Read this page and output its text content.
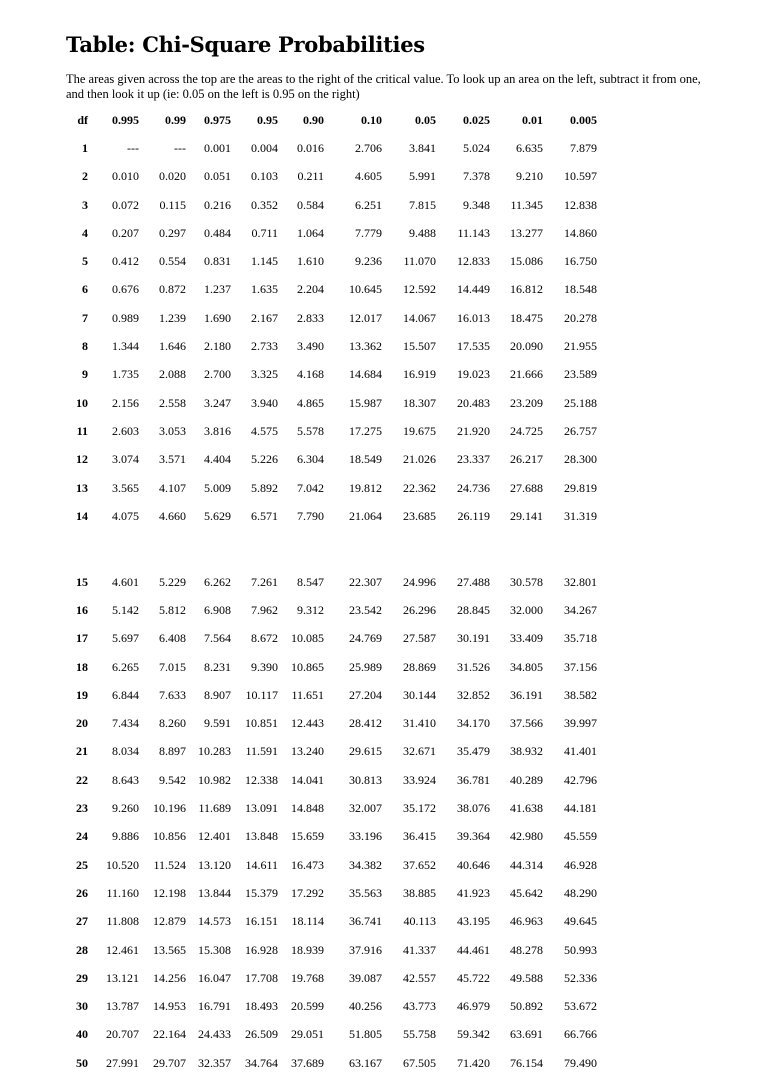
Table: Chi-Square Probabilities
The areas given across the top are the areas to the right of the critical value. To look up an area on the left, subtract it from one, and then look it up (ie: 0.05 on the left is 0.95 on the right)
df	0.995	0.99	0.975	0.95	0.90	0.10	0.05	0.025	0.01	0.005
1	---	---	0.001	0.004	0.016	2.706	3.841	5.024	6.635	7.879
2	0.010	0.020	0.051	0.103	0.211	4.605	5.991	7.378	9.210	10.597
3	0.072	0.115	0.216	0.352	0.584	6.251	7.815	9.348	11.345	12.838
4	0.207	0.297	0.484	0.711	1.064	7.779	9.488	11.143	13.277	14.860
5	0.412	0.554	0.831	1.145	1.610	9.236	11.070	12.833	15.086	16.750
6	0.676	0.872	1.237	1.635	2.204	10.645	12.592	14.449	16.812	18.548
7	0.989	1.239	1.690	2.167	2.833	12.017	14.067	16.013	18.475	20.278
8	1.344	1.646	2.180	2.733	3.490	13.362	15.507	17.535	20.090	21.955
9	1.735	2.088	2.700	3.325	4.168	14.684	16.919	19.023	21.666	23.589
10	2.156	2.558	3.247	3.940	4.865	15.987	18.307	20.483	23.209	25.188
11	2.603	3.053	3.816	4.575	5.578	17.275	19.675	21.920	24.725	26.757
12	3.074	3.571	4.404	5.226	6.304	18.549	21.026	23.337	26.217	28.300
13	3.565	4.107	5.009	5.892	7.042	19.812	22.362	24.736	27.688	29.819
14	4.075	4.660	5.629	6.571	7.790	21.064	23.685	26.119	29.141	31.319
15	4.601	5.229	6.262	7.261	8.547	22.307	24.996	27.488	30.578	32.801
16	5.142	5.812	6.908	7.962	9.312	23.542	26.296	28.845	32.000	34.267
17	5.697	6.408	7.564	8.672	10.085	24.769	27.587	30.191	33.409	35.718
18	6.265	7.015	8.231	9.390	10.865	25.989	28.869	31.526	34.805	37.156
19	6.844	7.633	8.907	10.117	11.651	27.204	30.144	32.852	36.191	38.582
20	7.434	8.260	9.591	10.851	12.443	28.412	31.410	34.170	37.566	39.997
21	8.034	8.897	10.283	11.591	13.240	29.615	32.671	35.479	38.932	41.401
22	8.643	9.542	10.982	12.338	14.041	30.813	33.924	36.781	40.289	42.796
23	9.260	10.196	11.689	13.091	14.848	32.007	35.172	38.076	41.638	44.181
24	9.886	10.856	12.401	13.848	15.659	33.196	36.415	39.364	42.980	45.559
25	10.520	11.524	13.120	14.611	16.473	34.382	37.652	40.646	44.314	46.928
26	11.160	12.198	13.844	15.379	17.292	35.563	38.885	41.923	45.642	48.290
27	11.808	12.879	14.573	16.151	18.114	36.741	40.113	43.195	46.963	49.645
28	12.461	13.565	15.308	16.928	18.939	37.916	41.337	44.461	48.278	50.993
29	13.121	14.256	16.047	17.708	19.768	39.087	42.557	45.722	49.588	52.336
30	13.787	14.953	16.791	18.493	20.599	40.256	43.773	46.979	50.892	53.672
40	20.707	22.164	24.433	26.509	29.051	51.805	55.758	59.342	63.691	66.766
50	27.991	29.707	32.357	34.764	37.689	63.167	67.505	71.420	76.154	79.490
